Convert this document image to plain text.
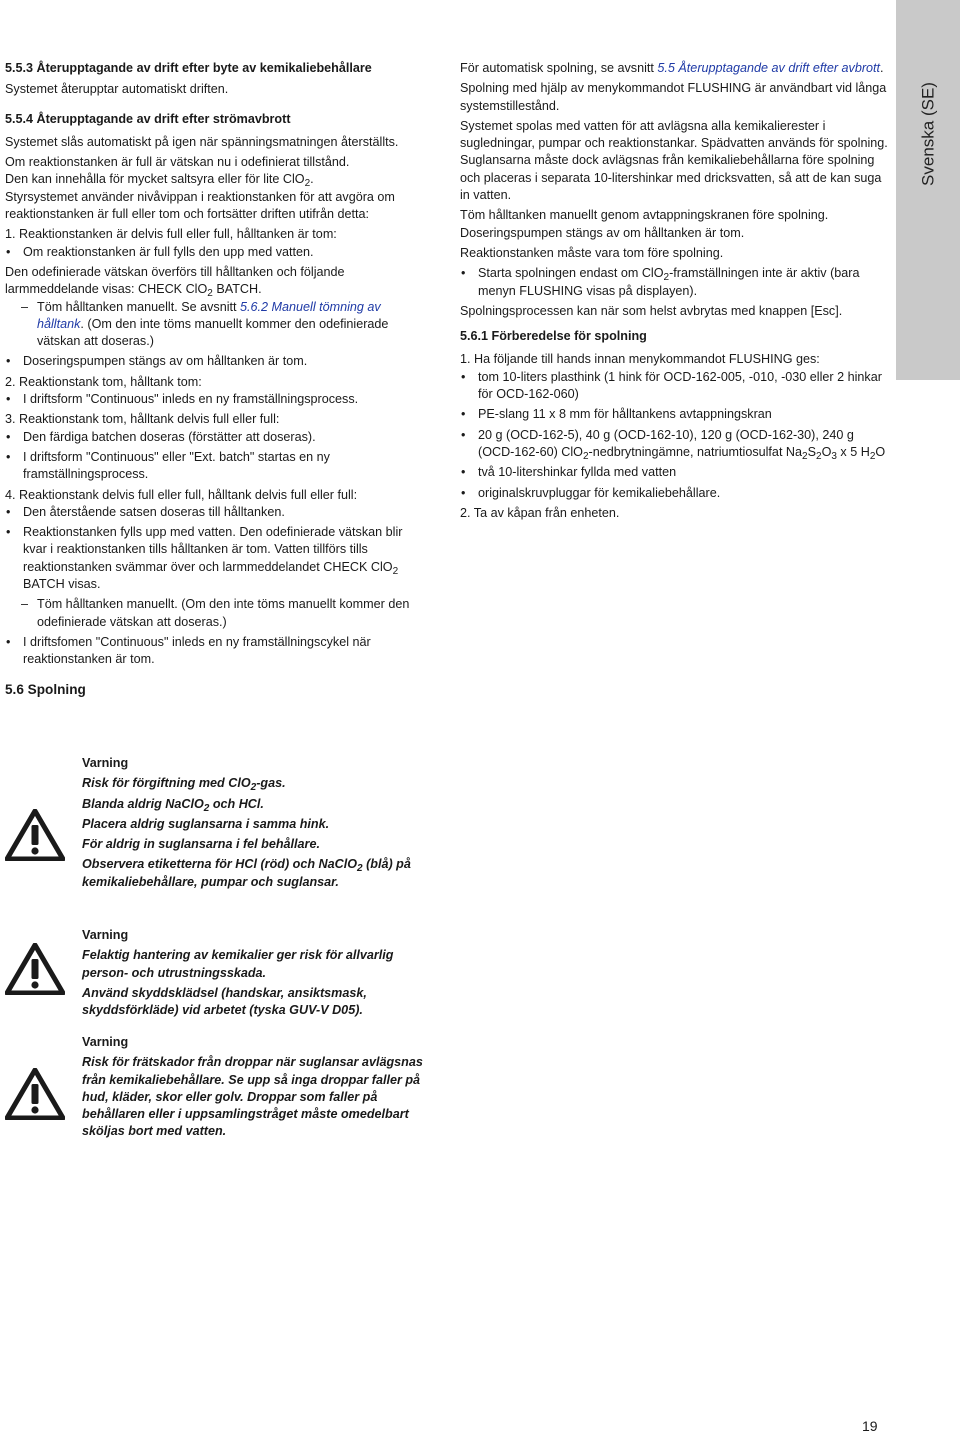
Svenska (SE)

5.5.3 Återupptagande av drift efter byte av kemikaliebehållare

Systemet återupptar automatiskt driften.

5.5.4 Återupptagande av drift efter strömavbrott

Systemet slås automatiskt på igen när spänningsmatningen återställts.

Om reaktionstanken är full är vätskan nu i odefinierat tillstånd.

Den kan innehålla för mycket saltsyra eller för lite ClO$_2$.

Styrsystemet använder nivåvippan i reaktionstanken för att avgöra om reaktionstanken är full eller tom och fortsätter driften utifrån detta:

1. Reaktionstanken är delvis full eller full, hålltanken är tom:

• Om reaktionstanken är full fylls den upp med vatten.

Den odefinierade vätskan överförs till hålltanken och följande larmmeddelande visas: CHECK ClO$_2$ BATCH.

– Töm hålltanken manuellt. Se avsnitt 5.6.2 Manuell tömning av hålltank. (Om den inte töms manuellt kommer den odefinierade vätskan att doseras.)
• Doseringspumpen stängs av om hålltanken är tom.

2. Reaktionstank tom, hålltank tom:

• I driftsform "Continuous" inleds en ny framställningsprocess.

3. Reaktionstank tom, hålltank delvis full eller full:

• Den färdiga batchen doseras (förstätter att doseras).
• I driftsform "Continuous" eller "Ext. batch" startas en ny framställningsprocess.

4. Reaktionstank delvis full eller full, hålltank delvis full eller full:

• Den återstående satsen doseras till hålltanken.
• Reaktionstanken fylls upp med vatten. Den odefinierade vätskan blir kvar i reaktionstanken tills hålltanken är tom. Vatten tillförs tills reaktionstanken svämmar över och larmmeddelandet CHECK ClO$_2$ BATCH visas.
– Töm hålltanken manuellt. (Om den inte töms manuellt kommer den odefinierade vätskan att doseras.)
• I driftsfomen "Continuous" inleds en ny framställningscykel när reaktionstanken är tom.

5.6 Spolning

Varning

Risk för förgiftning med ClO$_2$-gas.

Blanda aldrig NaClO$_2$ och HCl.

Placera aldrig suglansarna i samma hink.

För aldrig in suglansarna i fel behållare.

Observera etiketterna för HCl (röd) och NaClO$_2$ (blå) på kemikaliebehållare, pumpar och suglansar.

Varning

Felaktig hantering av kemikalier ger risk för allvarlig person- och utrustningsskada.

Använd skyddsklädsel (handskar, ansiktsmask, skyddsförkläde) vid arbetet (tyska GUV-V D05).

Varning

Risk för frätskador från droppar när suglansar avlägsnas från kemikaliebehållare. Se upp så inga droppar faller på hud, kläder, skor eller golv. Droppar som faller på behållaren eller i uppsamlingstråget måste omedelbart sköljas bort med vatten.

För automatisk spolning, se avsnitt 5.5 Återupptagande av drift efter avbrott.

Spolning med hjälp av menykommandot FLUSHING är användbart vid långa systemstillestånd.

Systemet spolas med vatten för att avlägsna alla kemikalierester i sugledningar, pumpar och reaktionstankar. Spädvatten används för spolning. Suglansarna måste dock avlägsnas från kemikaliebehållarna före spolning och placeras i separata 10-litershinkar med dricksvatten, så att de kan suga in vatten.

Töm hålltanken manuellt genom avtappningskranen före spolning. Doseringspumpen stängs av om hålltanken är tom.

Reaktionstanken måste vara tom före spolning.

• Starta spolningen endast om ClO$_2$-framställningen inte är aktiv (bara menyn FLUSHING visas på displayen).

Spolningsprocessen kan när som helst avbrytas med knappen [Esc].

5.6.1 Förberedelse för spolning

1. Ha följande till hands innan menykommandot FLUSHING ges:

• tom 10-liters plasthink (1 hink för OCD-162-005, -010, -030 eller 2 hinkar för OCD-162-060)
• PE-slang 11 x 8 mm för hålltankens avtappningskran
• 20 g (OCD-162-5), 40 g (OCD-162-10), 120 g (OCD-162-30), 240 g (OCD-162-60) ClO$_2$-nedbrytningämne, natriumtiosulfat $Na_2S_2O_3$ x 5 $H_2O$
• två 10-litershinkar fyllda med vatten
• originalskruvpluggar för kemikaliebehållare.

2. Ta av kåpan från enheten.

19
